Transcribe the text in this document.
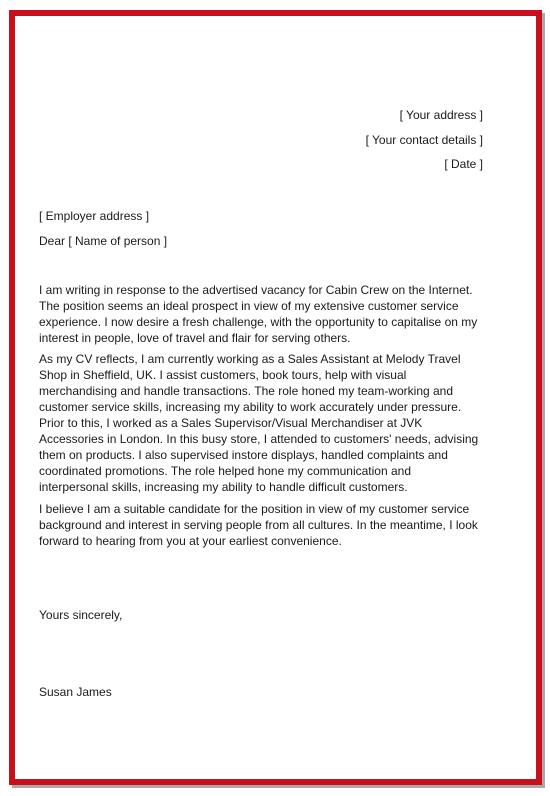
[ Your address ]
[ Your contact details ]
[ Date ]
[ Employer address ]
Dear [ Name of person ]

I am writing in response to the advertised vacancy for Cabin Crew on the Internet. The position seems an ideal prospect in view of my extensive customer service experience. I now desire a fresh challenge, with the opportunity to capitalise on my interest in people, love of travel and flair for serving others.

As my CV reflects, I am currently working as a Sales Assistant at Melody Travel Shop in Sheffield, UK. I assist customers, book tours, help with visual merchandising and handle transactions. The role honed my team-working and customer service skills, increasing my ability to work accurately under pressure. Prior to this, I worked as a Sales Supervisor/Visual Merchandiser at JVK Accessories in London. In this busy store, I attended to customers' needs, advising them on products. I also supervised instore displays, handled complaints and coordinated promotions. The role helped hone my communication and interpersonal skills, increasing my ability to handle difficult customers.

I believe I am a suitable candidate for the position in view of my customer service background and interest in serving people from all cultures. In the meantime, I look forward to hearing from you at your earliest convenience.

Yours sincerely,
Susan James
